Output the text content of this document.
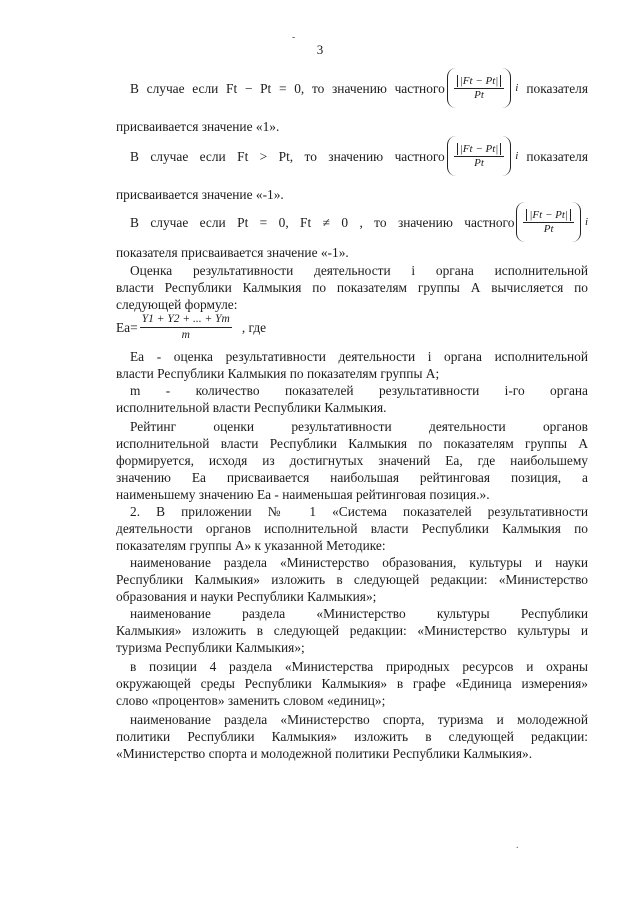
-
3
В случае если Ft − Pt = 0, то значению частного	|Ft − Pt|
Pt
i показателя
присваивается значение «1».
В случае если Ft > Pt, то значению частного	|Ft − Pt|
Pt
i показателя
присваивается значение «-1».
В случае если Pt = 0, Ft ≠ 0 , то значению частного	|Ft − Pt|
Pt
i
показателя присваивается значение «-1».
Оценка результативности деятельности i органа исполнительной
власти Республики Калмыкия по показателям группы А вычисляется по
следующей формуле:
$Ea= \frac{Y1 + Y2 + ... + Ym}{m}$ , где
Ea - оценка результативности деятельности i органа исполнительной
власти Республики Калмыкия по показателям группы А;
m - количество показателей результативности i-го органа
исполнительной власти Республики Калмыкия.
Рейтинг оценки результативности деятельности органов
исполнительной власти Республики Калмыкия по показателям группы А
формируется, исходя из достигнутых значений Ea, где наибольшему
значению Ea присваивается наибольшая рейтинговая позиция, а
наименьшему значению Ea - наименьшая рейтинговая позиция.».
2. В приложении № 1 «Система показателей результативности
деятельности органов исполнительной власти Республики Калмыкия по
показателям группы А» к указанной Методике:
наименование раздела «Министерство образования, культуры и науки
Республики Калмыкия» изложить в следующей редакции: «Министерство
образования и науки Республики Калмыкия»;
наименование раздела «Министерство культуры Республики
Калмыкия» изложить в следующей редакции: «Министерство культуры и
туризма Республики Калмыкия»;
в позиции 4 раздела «Министерства природных ресурсов и охраны
окружающей среды Республики Калмыкия» в графе «Единица измерения»
слово «процентов» заменить словом «единиц»;
наименование раздела «Министерство спорта, туризма и молодежной
политики Республики Калмыкия» изложить в следующей редакции:
«Министерство спорта и молодежной политики Республики Калмыкия».
.
